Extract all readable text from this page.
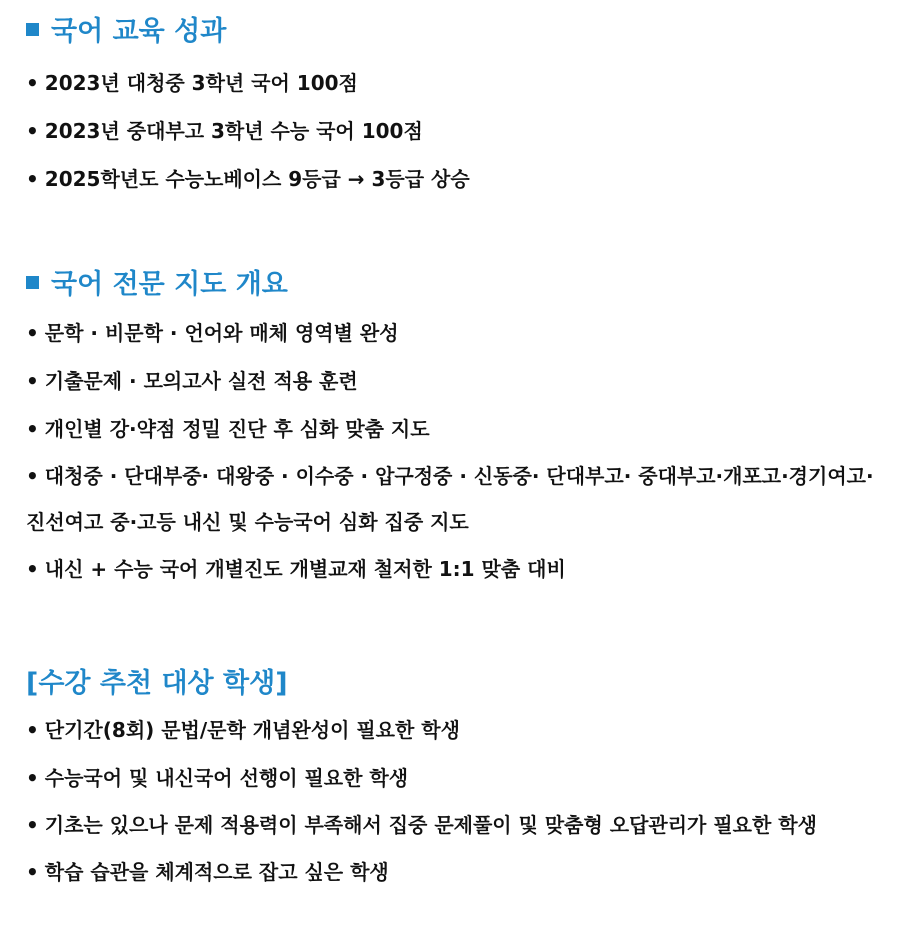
국어 교육 성과

• 2023년 대청중 3학년 국어 100점

• 2023년 중대부고 3학년 수능 국어 100점

• 2025학년도 수능노베이스 9등급 → 3등급 상승

국어 전문 지도 개요

• 문학 · 비문학 · 언어와 매체 영역별 완성

• 기출문제 · 모의고사 실전 적용 훈련

• 개인별 강·약점 정밀 진단 후 심화 맞춤 지도

• 대청중 · 단대부중· 대왕중 · 이수중 · 압구정중 · 신동중· 단대부고· 중대부고·개포고·경기여고·진선여고 중·고등 내신 및 수능국어 심화 집중 지도

• 내신 + 수능 국어 개별진도 개별교재 철저한 1:1 맞춤 대비

[수강 추천 대상 학생]

• 단기간(8회) 문법/문학 개념완성이 필요한 학생

• 수능국어 및 내신국어 선행이 필요한 학생

• 기초는 있으나 문제 적용력이 부족해서 집중 문제풀이 및 맞춤형 오답관리가 필요한 학생

• 학습 습관을 체계적으로 잡고 싶은 학생
